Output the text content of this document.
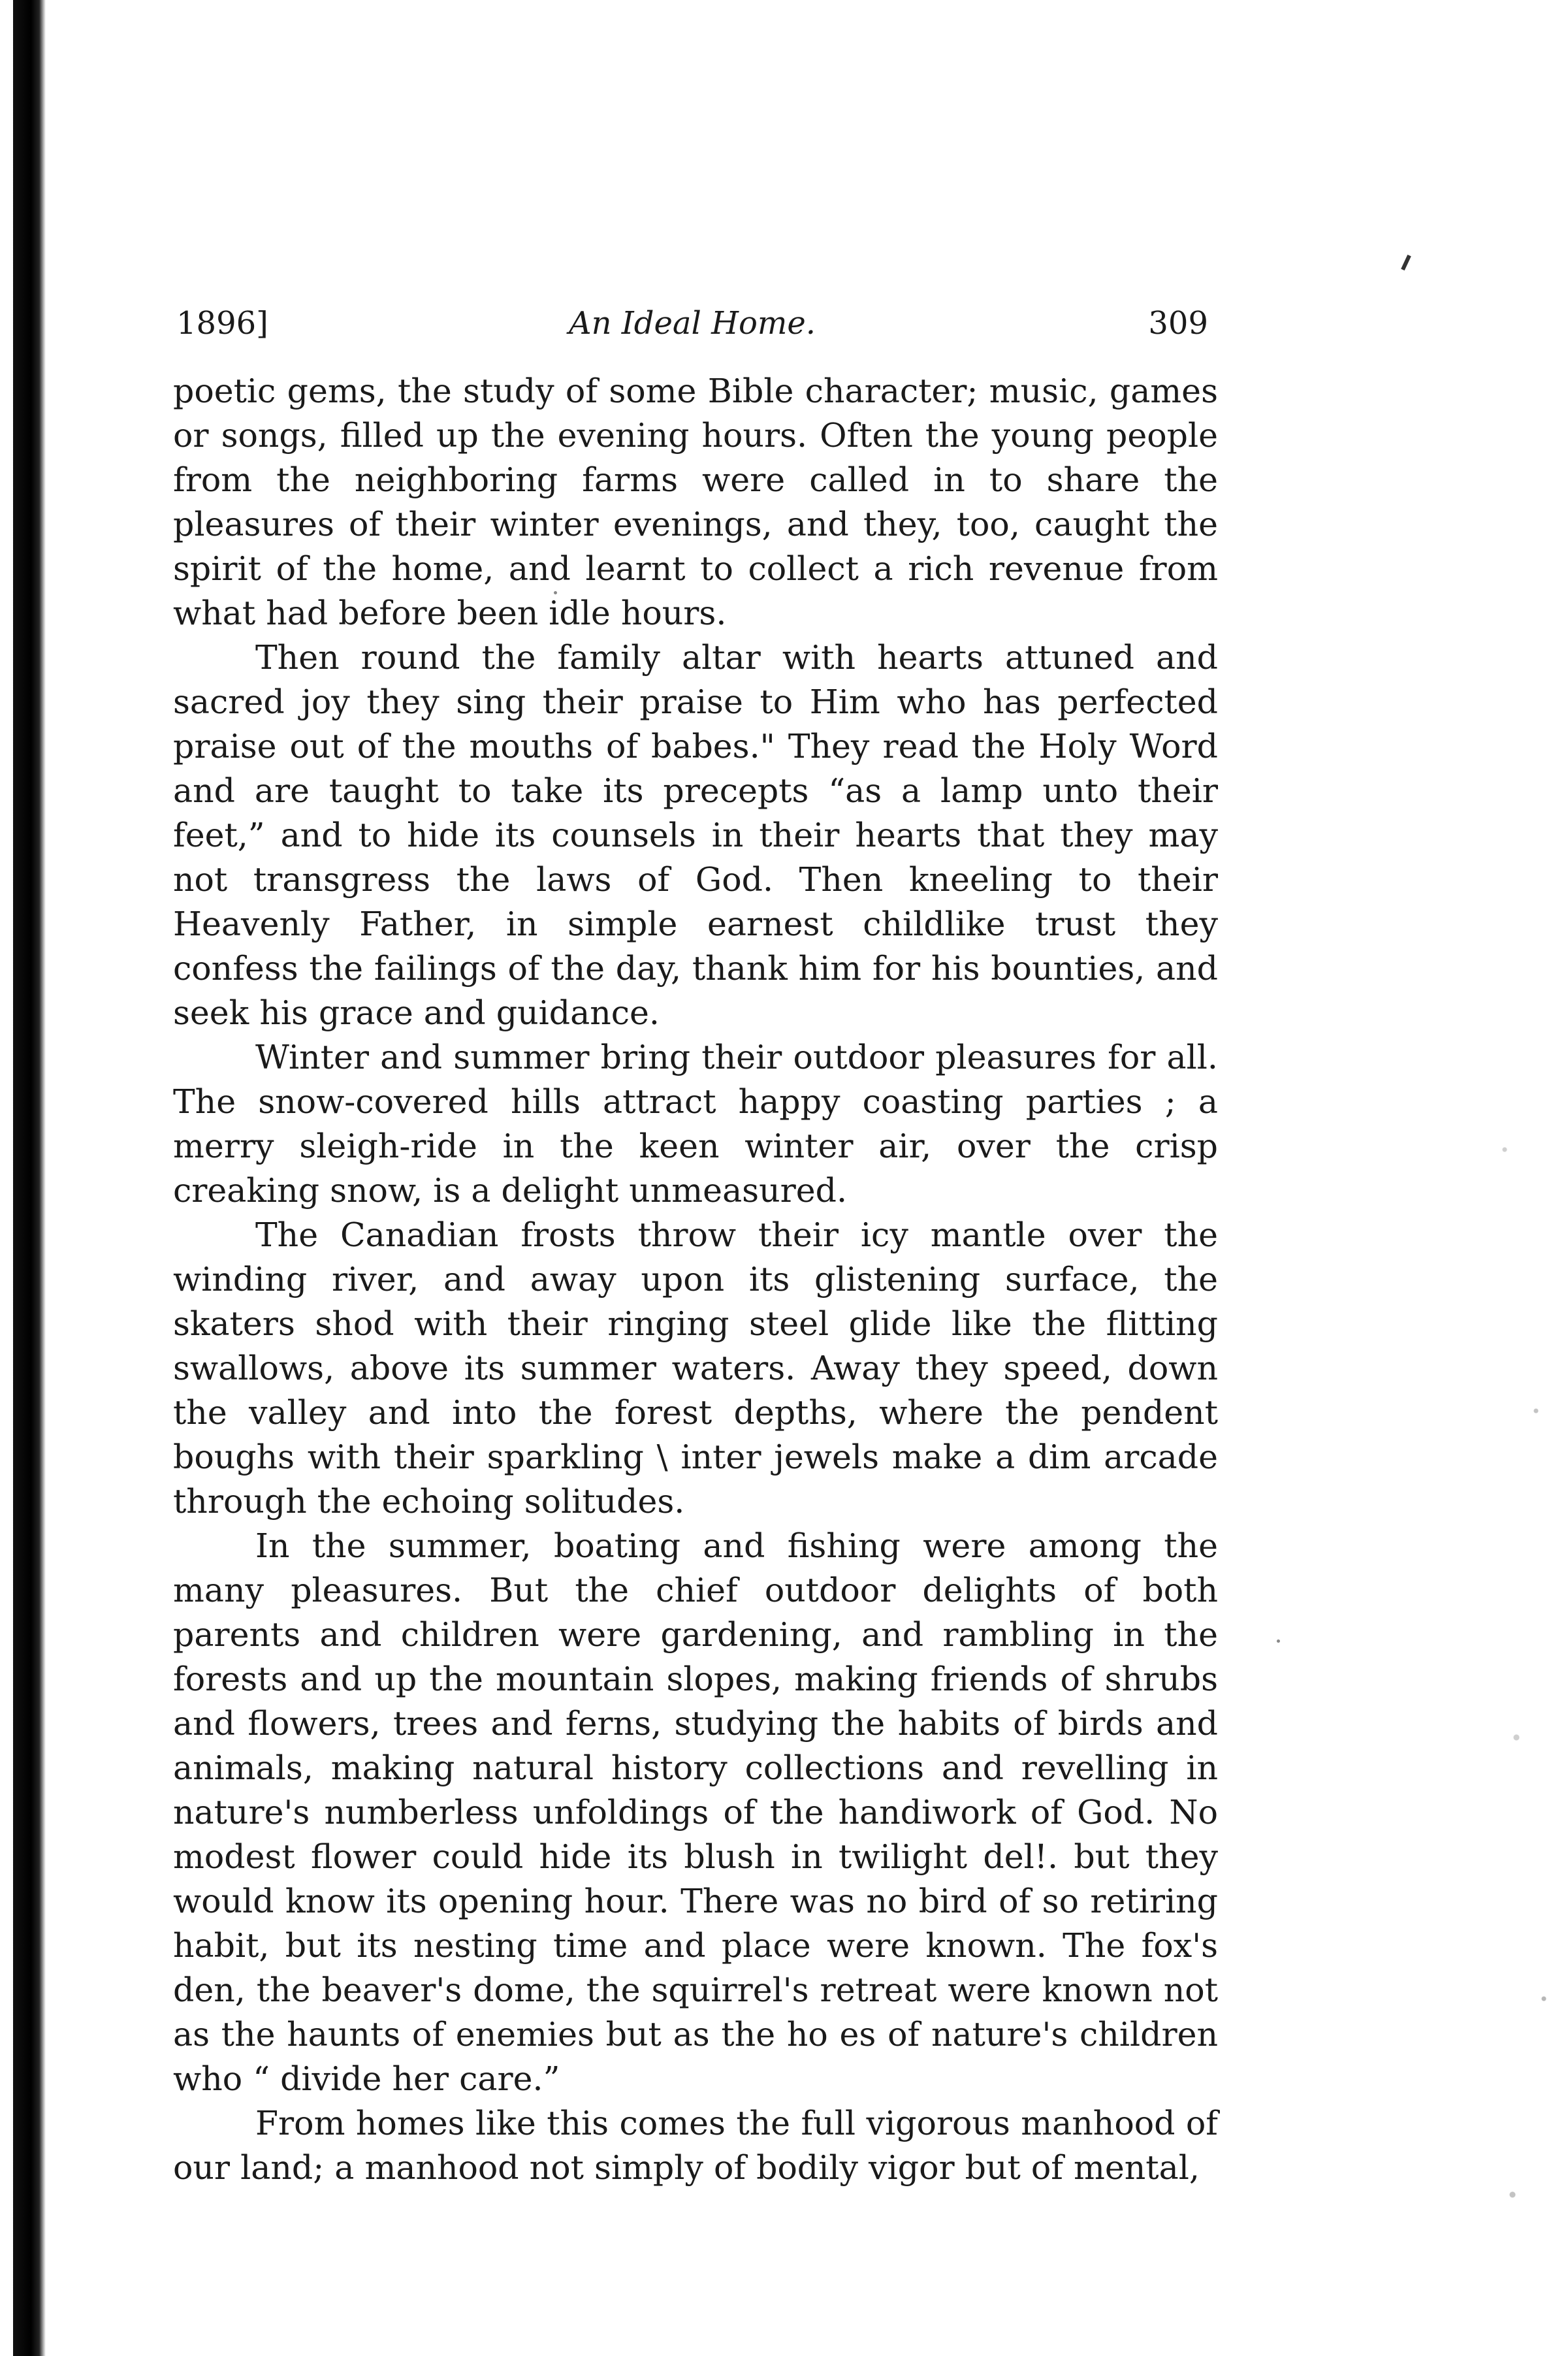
1896]	An Ideal Home.	309

poetic gems, the study of some Bible character; music, games or songs, filled up the evening hours. Often the young people from the neighboring farms were called in to share the pleasures of their winter evenings, and they, too, caught the spirit of the home, and learnt to collect a rich revenue from what had before been idle hours.

Then round the family altar with hearts attuned and sacred joy they sing their praise to Him who has perfected praise out of the mouths of babes." They read the Holy Word and are taught to take its precepts “as a lamp unto their feet,” and to hide its counsels in their hearts that they may not transgress the laws of God. Then kneeling to their Heavenly Father, in simple earnest childlike trust they confess the failings of the day, thank him for his bounties, and seek his grace and guidance.

Winter and summer bring their outdoor pleasures for all. The snow-covered hills attract happy coasting parties ; a merry sleigh-ride in the keen winter air, over the crisp creaking snow, is a delight unmeasured.

The Canadian frosts throw their icy mantle over the winding river, and away upon its glistening surface, the skaters shod with their ringing steel glide like the flitting swallows, above its summer waters. Away they speed, down the valley and into the forest depths, where the pendent boughs with their sparkling \ inter jewels make a dim arcade through the echoing solitudes.

In the summer, boating and fishing were among the many pleasures. But the chief outdoor delights of both parents and children were gardening, and rambling in the forests and up the mountain slopes, making friends of shrubs and flowers, trees and ferns, studying the habits of birds and animals, making natural history collections and revelling in nature's numberless unfoldings of the handiwork of God. No modest flower could hide its blush in twilight del!. but they would know its opening hour. There was no bird of so retiring habit, but its nesting time and place were known. The fox's den, the beaver's dome, the squirrel's retreat were known not as the haunts of enemies but as the ho es of nature's children who “ divide her care.”

From homes like this comes the full vigorous manhood of our land; a manhood not simply of bodily vigor but of mental,
